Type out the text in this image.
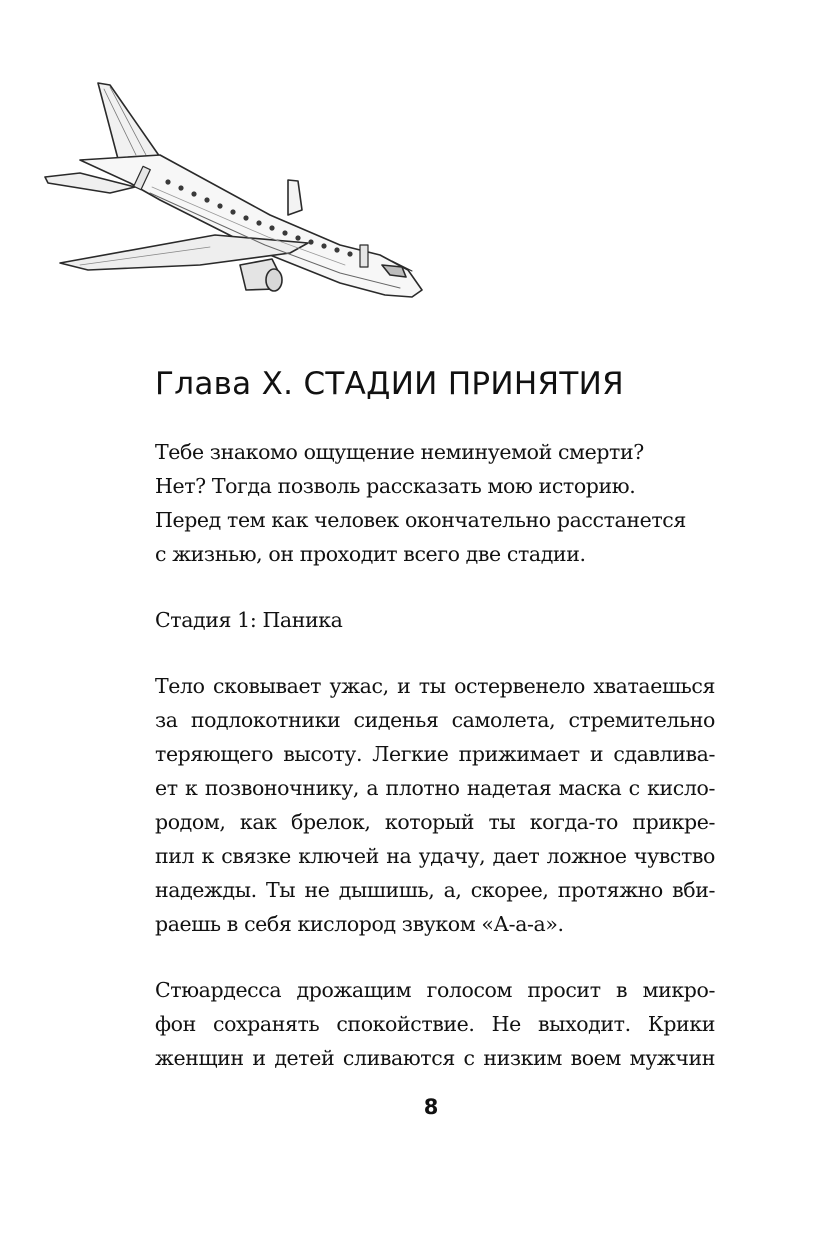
Глава X. СТАДИИ ПРИНЯТИЯ

Тебе знакомо ощущение неминуемой смерти?
Нет? Тогда позволь рассказать мою историю.
Перед тем как человек окончательно расстанется
с жизнью, он проходит всего две стадии.

Стадия 1: Паника

Тело сковывает ужас, и ты остервенело хватаешься
за подлокотники сиденья самолета, стремительно
теряющего высоту. Легкие прижимает и сдавлива-
ет к позвоночнику, а плотно надетая маска с кисло-
родом, как брелок, который ты когда-то прикре-
пил к связке ключей на удачу, дает ложное чувство
надежды. Ты не дышишь, а, скорее, протяжно вби-
раешь в себя кислород звуком «А-а-а».

Стюардесса дрожащим голосом просит в микро-
фон сохранять спокойствие. Не выходит. Крики
женщин и детей сливаются с низким воем мужчин

8
